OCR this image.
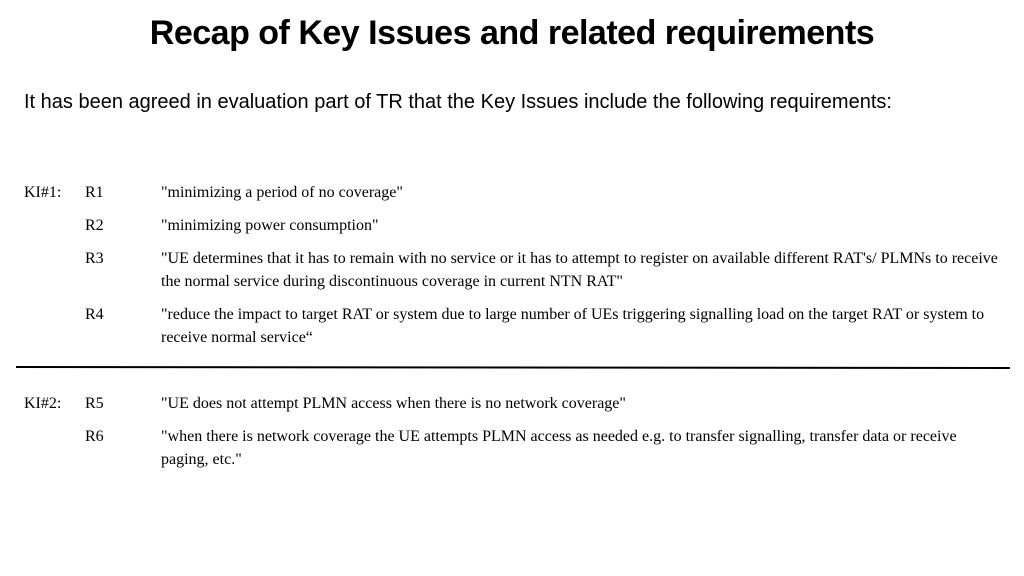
Recap of Key Issues and related requirements
It has been agreed in evaluation part of TR that the Key Issues include the following requirements:
KI#1: R1	"minimizing a period of no coverage"
R2	"minimizing power consumption"
R3	"UE determines that it has to remain with no service or it has to attempt to register on available different RAT's/ PLMNs to receive the normal service during discontinuous coverage in current NTN RAT"
R4	"reduce the impact to target RAT or system due to large number of UEs triggering signalling load on the target RAT or system to receive normal service“
KI#2: R5	"UE does not attempt PLMN access when there is no network coverage"
R6	"when there is network coverage the UE attempts PLMN access as needed e.g. to transfer signalling, transfer data or receive paging, etc."
